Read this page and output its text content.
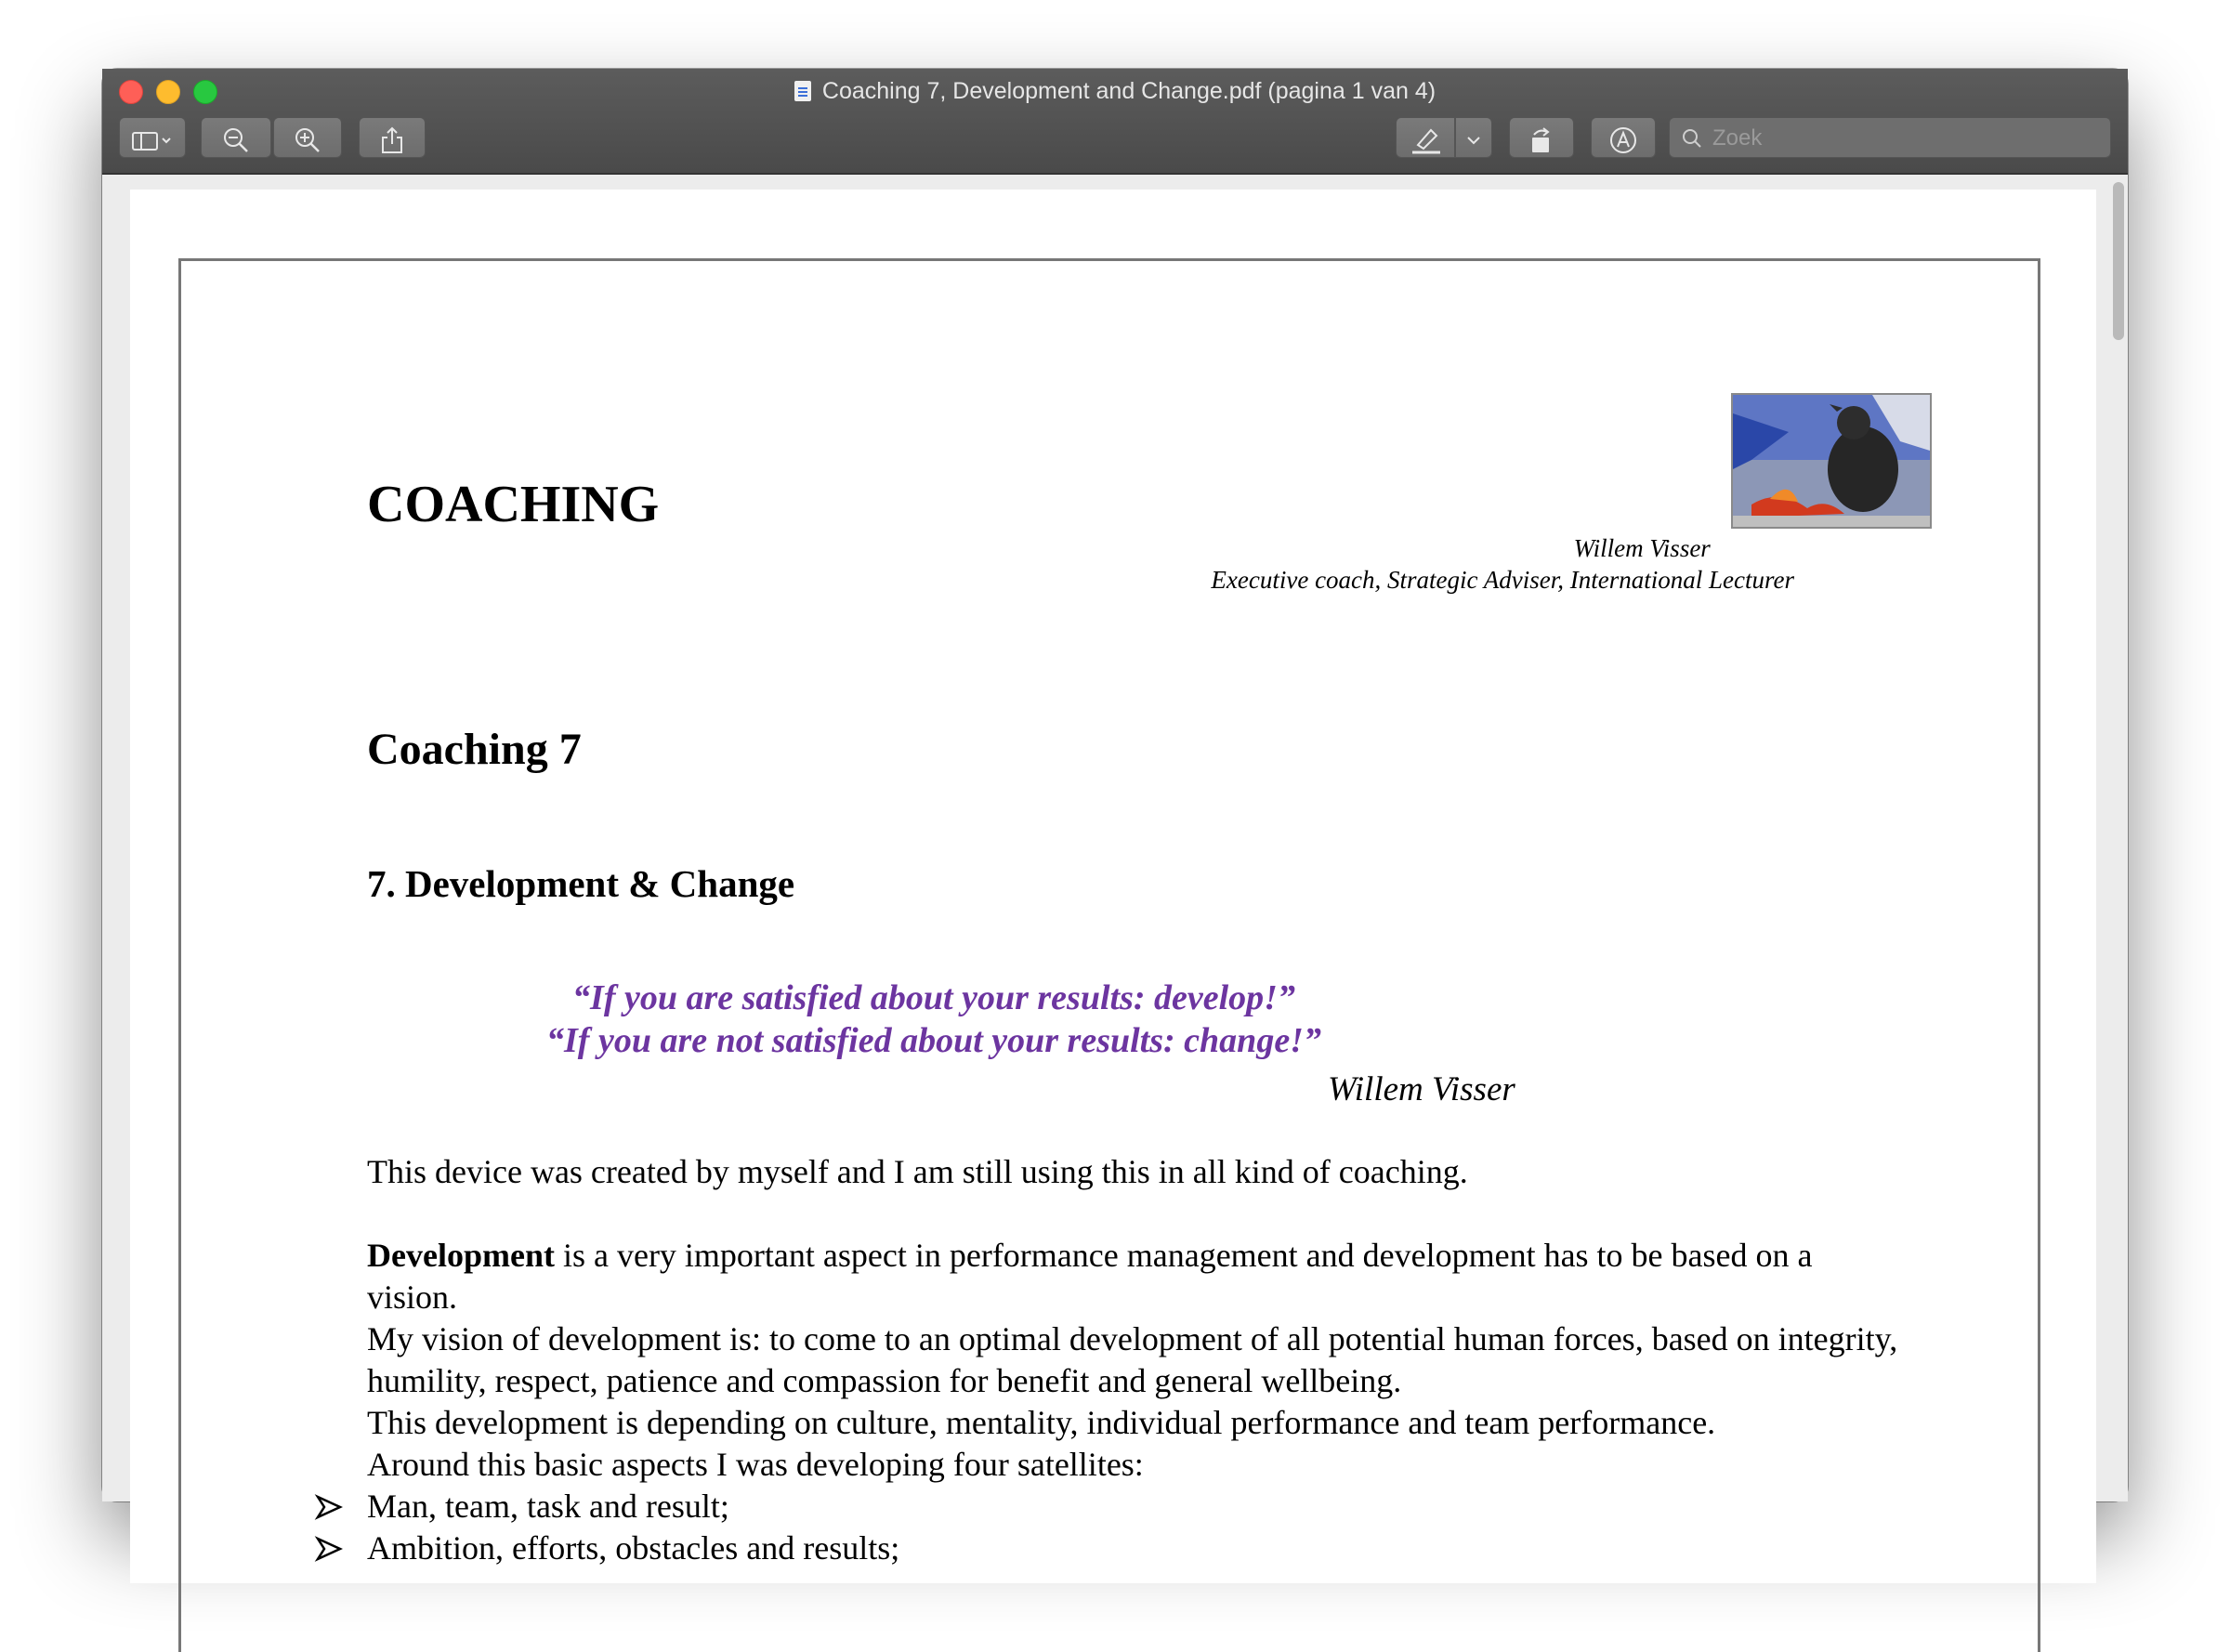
Coaching 7, Development and Change.pdf (pagina 1 van 4)
Zoek
COACHING
Willem Visser
Executive coach, Strategic Adviser, International Lecturer
Coaching 7
7. Development & Change
“If you are satisfied about your results: develop!”
“If you are not satisfied about your results: change!”
Willem Visser
This device was created by myself and I am still using this in all kind of coaching.
Development is a very important aspect in performance management and development has to be based on a vision.
My vision of development is: to come to an optimal development of all potential human forces, based on integrity, humility, respect, patience and compassion for benefit and general wellbeing.
This development is depending on culture, mentality, individual performance and team performance.
Around this basic aspects I was developing four satellites:
Man, team, task and result;
Ambition, efforts, obstacles and results;
